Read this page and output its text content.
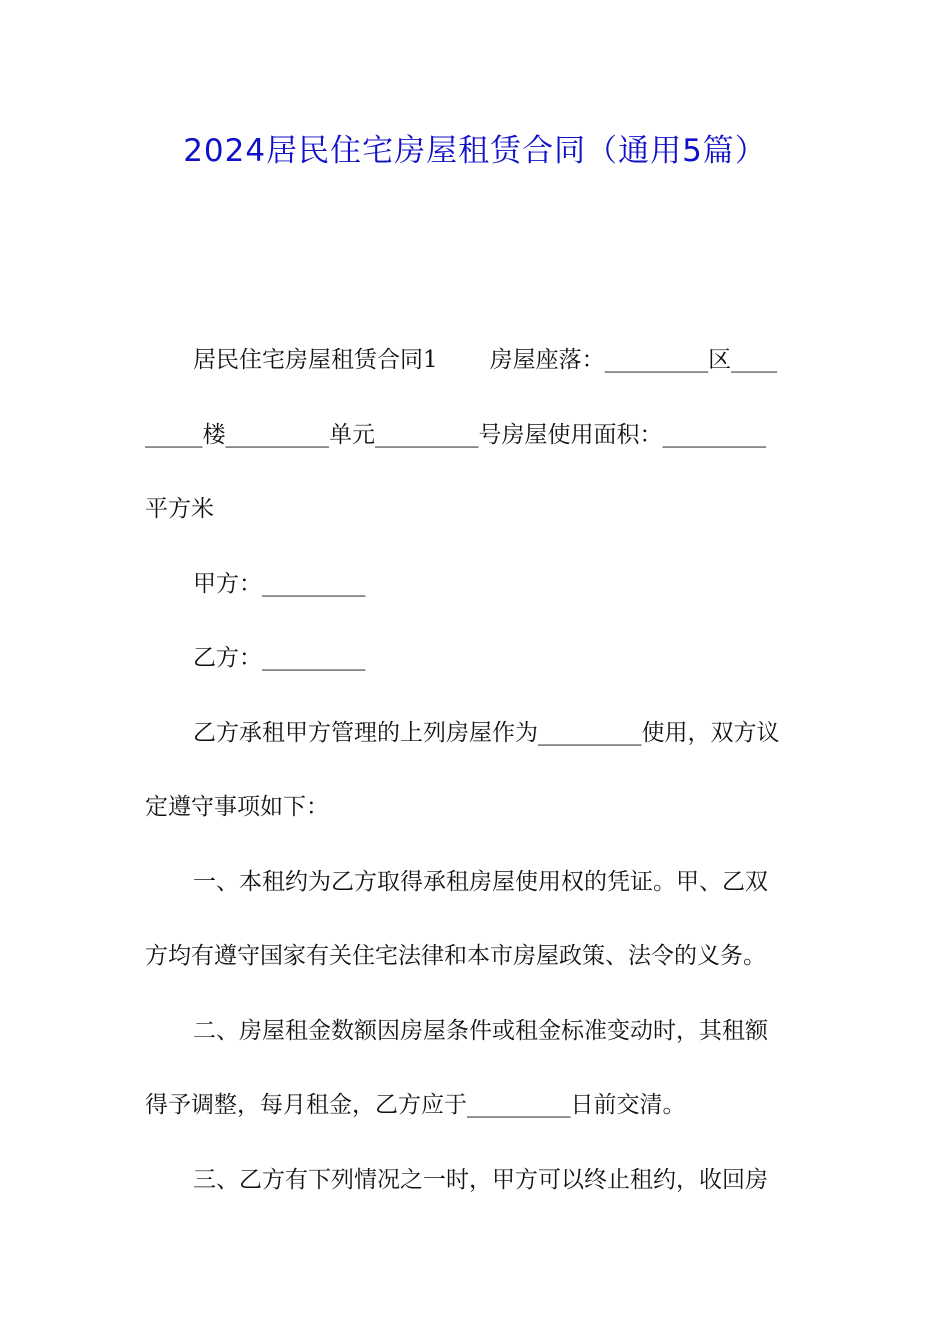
2024居民住宅房屋租赁合同（通用5篇）
居民住宅房屋租赁合同1 房屋座落：_________区____
_____楼_________单元_________号房屋使用面积：_________
平方米
甲方：_________
乙方：_________
乙方承租甲方管理的上列房屋作为_________使用，双方议
定遵守事项如下：
一、本租约为乙方取得承租房屋使用权的凭证。甲、乙双
方均有遵守国家有关住宅法律和本市房屋政策、法令的义务。
二、房屋租金数额因房屋条件或租金标准变动时，其租额
得予调整，每月租金，乙方应于_________日前交清。
三、乙方有下列情况之一时，甲方可以终止租约，收回房
